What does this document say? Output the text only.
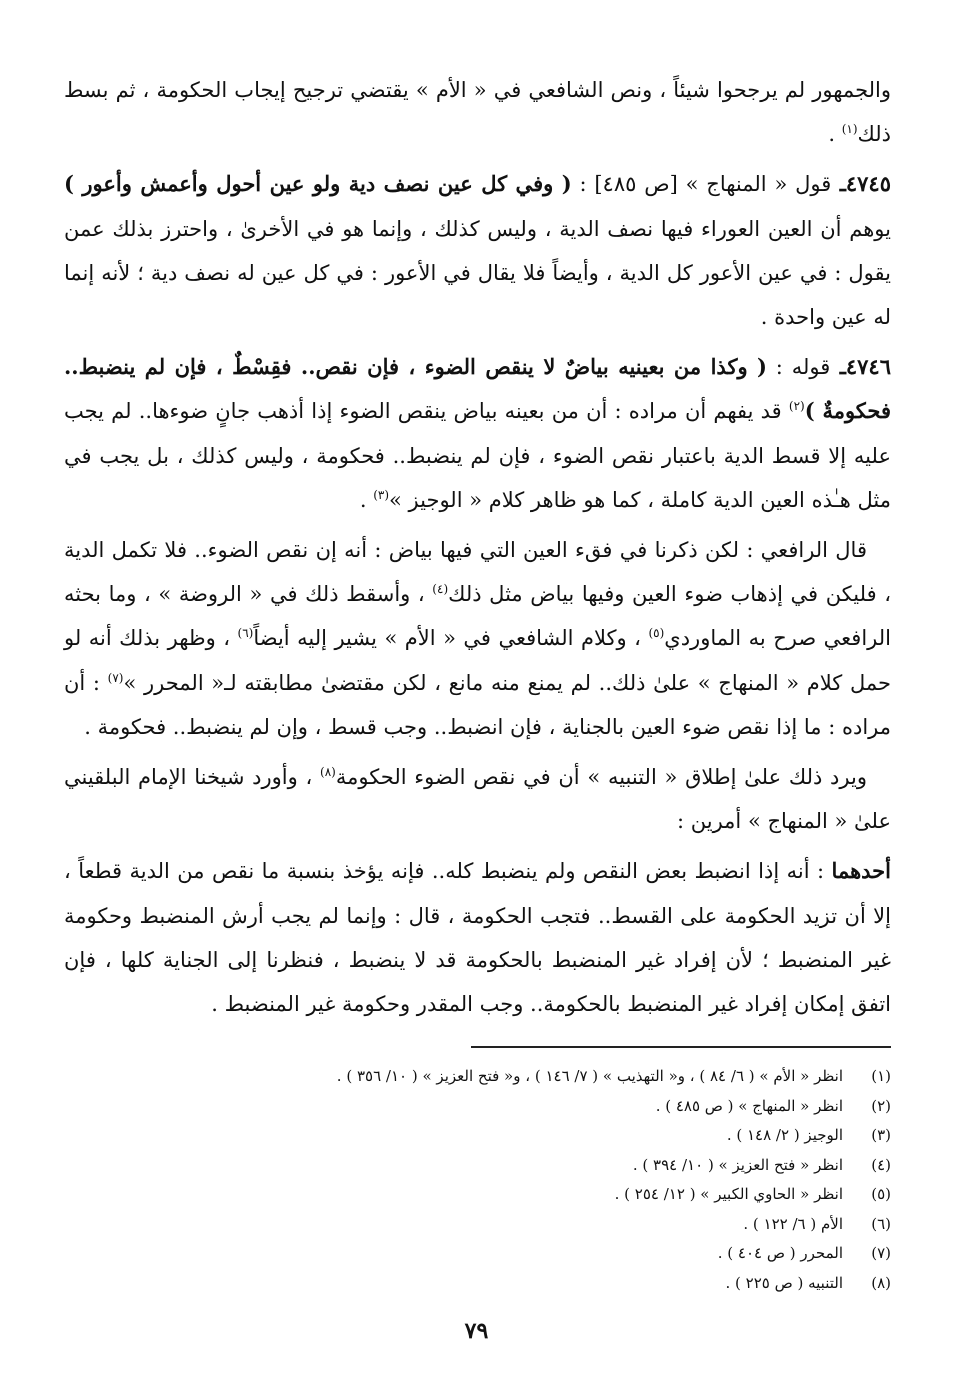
والجمهور لم يرجحوا شيئاً ، ونص الشافعي في « الأم » يقتضي ترجيح إيجاب الحكومة ، ثم بسط ذلك$^{(١)}$ .

٤٧٤٥ـ قول « المنهاج » [ص ٤٨٥] : ( وفي كل عين نصف دية ولو عين أحول وأعمش وأعور ) يوهم أن العين العوراء فيها نصف الدية ، وليس كذلك ، وإنما هو في الأخرىٰ ، واحترز بذلك عمن يقول : في عين الأعور كل الدية ، وأيضاً فلا يقال في الأعور : في كل عين له نصف دية ؛ لأنه إنما له عين واحدة .

٤٧٤٦ـ قوله : ( وكذا من بعينيه بياضٌ لا ينقص الضوء ، فإن نقص.. فقِسْطٌ ، فإن لم ينضبط.. فحكومةٌ )$^{(٢)}$ قد يفهم أن مراده : أن من بعينه بياض ينقص الضوء إذا أذهب جانٍ ضوءها.. لم يجب عليه إلا قسط الدية باعتبار نقص الضوء ، فإن لم ينضبط.. فحكومة ، وليس كذلك ، بل يجب في مثل هـٰذه العين الدية كاملة ، كما هو ظاهر كلام « الوجيز »$^{(٣)}$ .

قال الرافعي : لكن ذكرنا في فقء العين التي فيها بياض : أنه إن نقص الضوء.. فلا تكمل الدية ، فليكن في إذهاب ضوء العين وفيها بياض مثل ذلك$^{(٤)}$ ، وأسقط ذلك في « الروضة » ، وما بحثه الرافعي صرح به الماوردي$^{(٥)}$ ، وكلام الشافعي في « الأم » يشير إليه أيضاً$^{(٦)}$ ، وظهر بذلك أنه لو حمل كلام « المنهاج » علىٰ ذلك.. لم يمنع منه مانع ، لكن مقتضىٰ مطابقته لـ« المحرر »$^{(٧)}$ : أن مراده : ما إذا نقص ضوء العين بالجناية ، فإن انضبط.. وجب قسط ، وإن لم ينضبط.. فحكومة .

ويرد ذلك علىٰ إطلاق « التنبيه » أن في نقص الضوء الحكومة$^{(٨)}$ ، وأورد شيخنا الإمام البلقيني علىٰ « المنهاج » أمرين :

أحدهما : أنه إذا انضبط بعض النقص ولم ينضبط كله.. فإنه يؤخذ بنسبة ما نقص من الدية قطعاً ، إلا أن تزيد الحكومة على القسط.. فتجب الحكومة ، قال : وإنما لم يجب أرش المنضبط وحكومة غير المنضبط ؛ لأن إفراد غير المنضبط بالحكومة قد لا ينضبط ، فنظرنا إلى الجناية كلها ، فإن اتفق إمكان إفراد غير المنضبط بالحكومة.. وجب المقدر وحكومة غير المنضبط .

(١)
انظر « الأم » ( ٦/ ٨٤ ) ، و« التهذيب » ( ٧/ ١٤٦ ) ، و« فتح العزيز » ( ١٠/ ٣٥٦ ) .
(٢)
انظر « المنهاج » ( ص ٤٨٥ ) .
(٣)
الوجيز ( ٢/ ١٤٨ ) .
(٤)
انظر « فتح العزيز » ( ١٠/ ٣٩٤ ) .
(٥)
انظر « الحاوي الكبير » ( ١٢/ ٢٥٤ ) .
(٦)
الأم ( ٦/ ١٢٢ ) .
(٧)
المحرر ( ص ٤٠٤ ) .
(٨)
التنبيه ( ص ٢٢٥ ) .
٧٩
